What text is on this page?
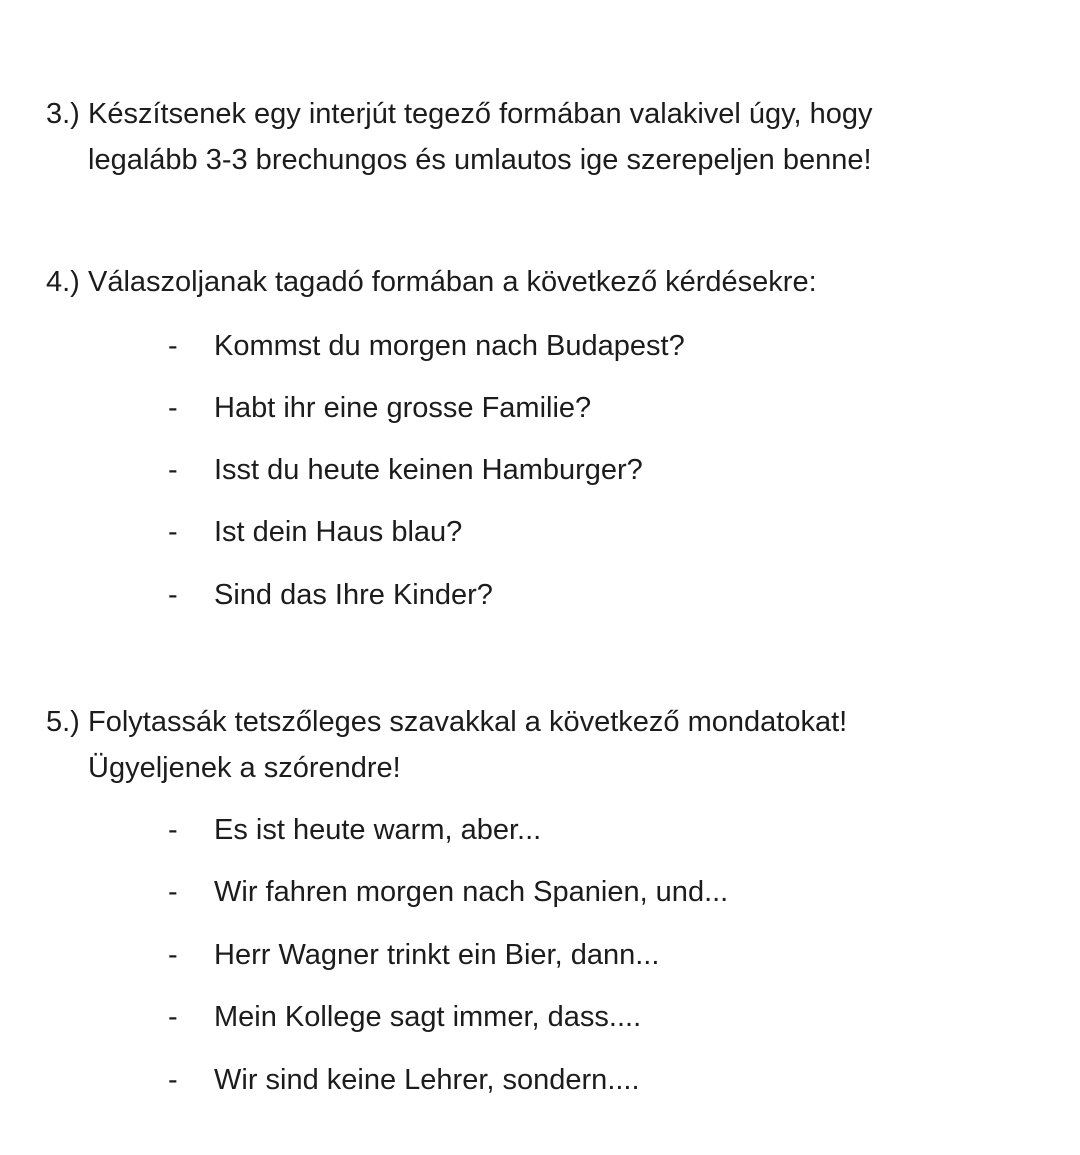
3.) Készítsenek egy interjút tegező formában valakivel úgy, hogy
legalább 3-3 brechungos és umlautos ige szerepeljen benne!
4.) Válaszoljanak tagadó formában a következő kérdésekre:
- Kommst du morgen nach Budapest?
- Habt ihr eine grosse Familie?
- Isst du heute keinen Hamburger?
- Ist dein Haus blau?
- Sind das Ihre Kinder?
5.) Folytassák tetszőleges szavakkal a következő mondatokat!
Ügyeljenek a szórendre!
- Es ist heute warm, aber...
- Wir fahren morgen nach Spanien, und...
- Herr Wagner trinkt ein Bier, dann...
- Mein Kollege sagt immer, dass....
- Wir sind keine Lehrer, sondern....
